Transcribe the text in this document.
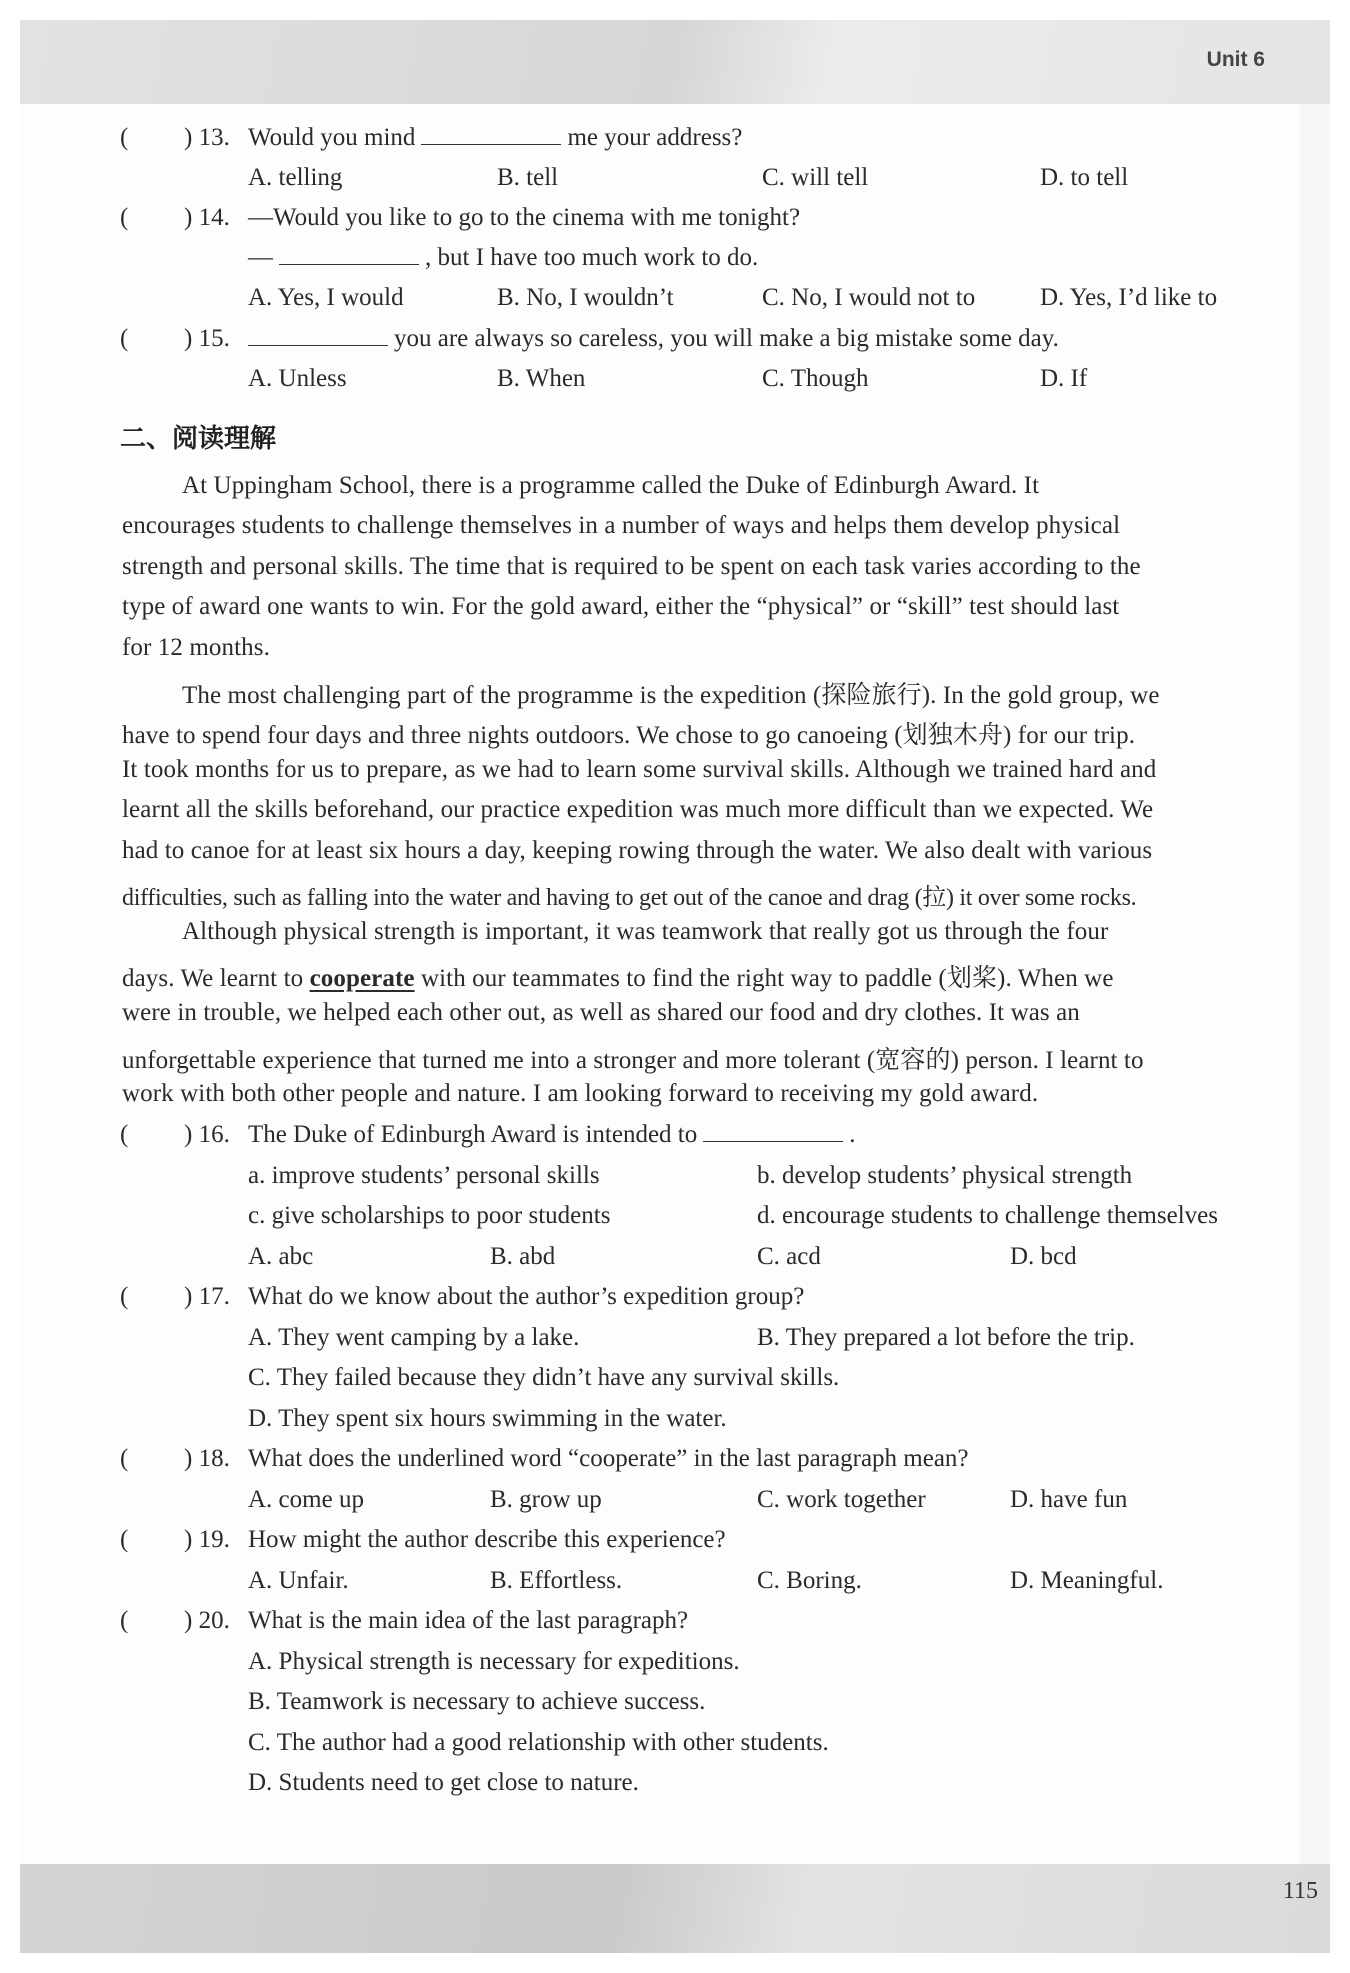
Unit 6
115
( ) 13. Would you mind	me your address?
A. telling	B. tell	C. will tell	D. to tell
( ) 14. —Would you like to go to the cinema with me tonight?
—	, but I have too much work to do.
A. Yes, I would	B. No, I wouldn’t	C. No, I would not to	D. Yes, I’d like to
( ) 15.	you are always so careless, you will make a big mistake some day.
A. Unless	B. When	C. Though	D. If
二、阅读理解
At Uppingham School, there is a programme called the Duke of Edinburgh Award. It
encourages students to challenge themselves in a number of ways and helps them develop physical
strength and personal skills. The time that is required to be spent on each task varies according to the
type of award one wants to win. For the gold award, either the “physical” or “skill” test should last
for 12 months.
The most challenging part of the programme is the expedition (探险旅行). In the gold group, we
have to spend four days and three nights outdoors. We chose to go canoeing (划独木舟) for our trip.
It took months for us to prepare, as we had to learn some survival skills. Although we trained hard and
learnt all the skills beforehand, our practice expedition was much more difficult than we expected. We
had to canoe for at least six hours a day, keeping rowing through the water. We also dealt with various
difficulties, such as falling into the water and having to get out of the canoe and drag (拉) it over some rocks.
Although physical strength is important, it was teamwork that really got us through the four
days. We learnt to cooperate with our teammates to find the right way to paddle (划桨). When we
were in trouble, we helped each other out, as well as shared our food and dry clothes. It was an
unforgettable experience that turned me into a stronger and more tolerant (宽容的) person. I learnt to
work with both other people and nature. I am looking forward to receiving my gold award.
( ) 16. The Duke of Edinburgh Award is intended to	.
a. improve students’ personal skills	b. develop students’ physical strength
c. give scholarships to poor students	d. encourage students to challenge themselves
A. abc	B. abd	C. acd	D. bcd
( ) 17. What do we know about the author’s expedition group?
A. They went camping by a lake.	B. They prepared a lot before the trip.
C. They failed because they didn’t have any survival skills.
D. They spent six hours swimming in the water.
( ) 18. What does the underlined word “cooperate” in the last paragraph mean?
A. come up	B. grow up	C. work together	D. have fun
( ) 19. How might the author describe this experience?
A. Unfair.	B. Effortless.	C. Boring.	D. Meaningful.
( ) 20. What is the main idea of the last paragraph?
A. Physical strength is necessary for expeditions.
B. Teamwork is necessary to achieve success.
C. The author had a good relationship with other students.
D. Students need to get close to nature.
